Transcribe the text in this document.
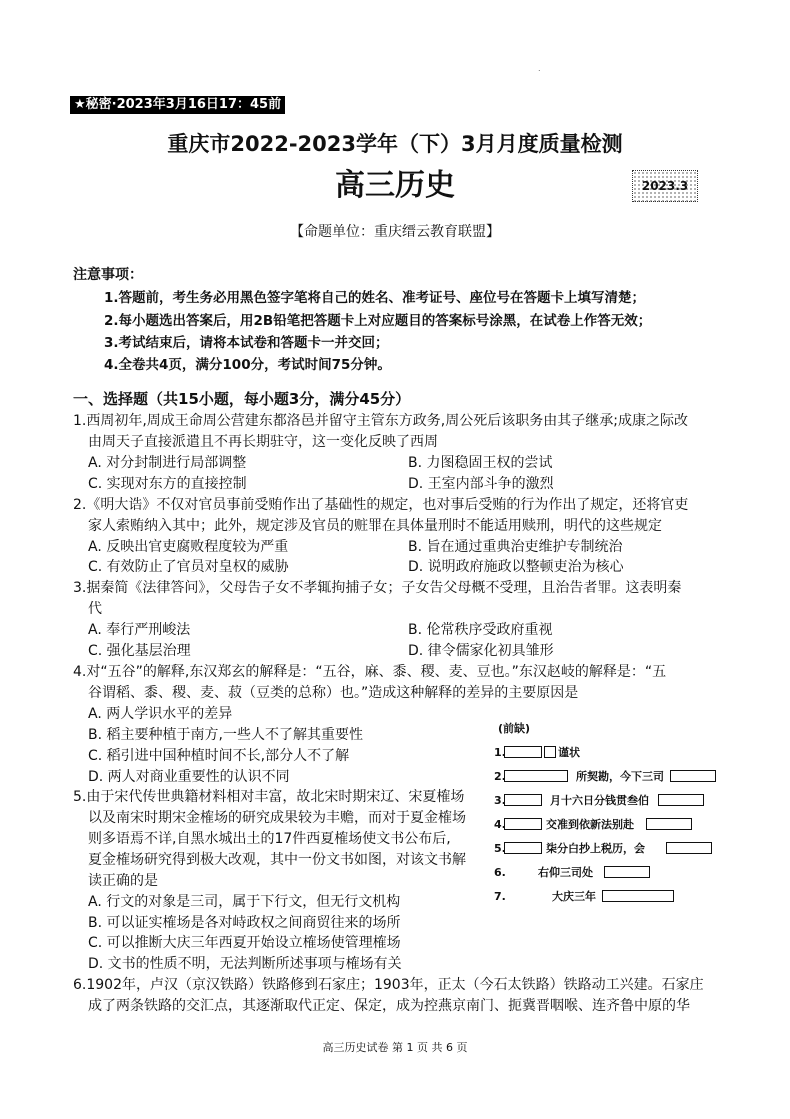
.
★秘密·2023年3月16日17：45前
重庆市2022-2023学年（下）3月月度质量检测
高三历史	2023.3
【命题单位：重庆缙云教育联盟】
注意事项：
1.答题前，考生务必用黑色签字笔将自己的姓名、准考证号、座位号在答题卡上填写清楚；
2.每小题选出答案后，用2B铅笔把答题卡上对应题目的答案标号涂黑，在试卷上作答无效；
3.考试结束后，请将本试卷和答题卡一并交回；
4.全卷共4页，满分100分，考试时间75分钟。
一、选择题（共15小题，每小题3分，满分45分）
1.西周初年,周成王命周公营建东都洛邑并留守主管东方政务,周公死后该职务由其子继承;成康之际改
由周天子直接派遣且不再长期驻守，这一变化反映了西周
A. 对分封制进行局部调整	B. 力图稳固王权的尝试
C. 实现对东方的直接控制	D. 王室内部斗争的激烈
2.《明大诰》不仅对官员事前受贿作出了基础性的规定，也对事后受贿的行为作出了规定，还将官吏
家人索贿纳入其中；此外，规定涉及官员的赃罪在具体量刑时不能适用赎刑，明代的这些规定
A. 反映出官吏腐败程度较为严重	B. 旨在通过重典治吏维护专制统治
C. 有效防止了官员对皇权的威胁	D. 说明政府施政以整顿吏治为核心
3.据秦简《法律答问》，父母告子女不孝辄拘捕子女；子女告父母概不受理，且治告者罪。这表明秦
代
A. 奉行严刑峻法	B. 伦常秩序受政府重视
C. 强化基层治理	D. 律令儒家化初具雏形
4.对“五谷”的解释,东汉郑玄的解释是：“五谷，麻、黍、稷、麦、豆也。”东汉赵岐的解释是：“五
谷谓稻、黍、稷、麦、菽（豆类的总称）也。”造成这种解释的差异的主要原因是
A. 两人学识水平的差异
B. 稻主要种植于南方,一些人不了解其重要性
C. 稻引进中国种植时间不长,部分人不了解
D. 两人对商业重要性的认识不同
5.由于宋代传世典籍材料相对丰富，故北宋时期宋辽、宋夏榷场
以及南宋时期宋金榷场的研究成果较为丰赡，而对于夏金榷场
则多语焉不详,自黑水城出土的17件西夏榷场使文书公布后,
夏金榷场研究得到极大改观，其中一份文书如图，对该文书解
读正确的是
A. 行文的对象是三司，属于下行文，但无行文机构
B. 可以证实榷场是各对峙政权之间商贸往来的场所
C. 可以推断大庆三年西夏开始设立榷场使管理榷场
D. 文书的性质不明，无法判断所述事项与榷场有关
6.1902年，卢汉（京汉铁路）铁路修到石家庄；1903年，正太（今石太铁路）铁路动工兴建。石家庄
成了两条铁路的交汇点，其逐渐取代正定、保定，成为控燕京南门、扼冀晋咽喉、连齐鲁中原的华
(前缺)
1.	谨状
2.	所契勘，今下三司
3.	月十六日分钱贯叁伯
4.	交准到依新法别赴
5.	柒分白抄上税历，会
6.	右仰三司处
7.	大庆三年
高三历史试卷 第 1 页 共 6 页
